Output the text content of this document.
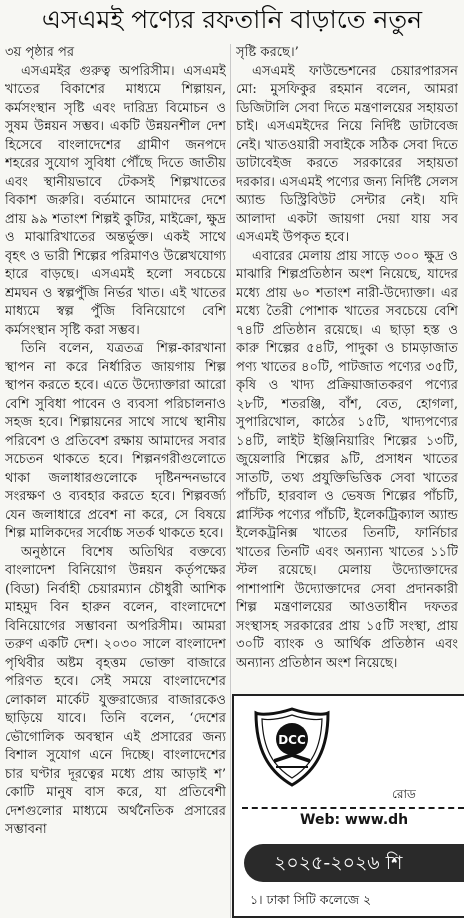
এসএমই পণ্যের রফতানি বাড়াতে নতুন

৩য় পৃষ্ঠার পর

এসএমইর গুরুত্ব অপরিসীম। এসএমই খাতের বিকাশের মাধ্যমে শিল্পায়ন, কর্মসংস্থান সৃষ্টি এবং দারিদ্র্য বিমোচন ও সুষম উন্নয়ন সম্ভব। একটি উন্নয়নশীল দেশ হিসেবে বাংলাদেশের গ্রামীণ জনপদে শহরের সুযোগ সুবিধা পৌঁছে দিতে জাতীয় এবং স্থানীয়ভাবে টেকসই শিল্পখাতের বিকাশ জরুরি। বর্তমানে আমাদের দেশে প্রায় ৯৯ শতাংশ শিল্পই কুটির, মাইক্রো, ক্ষুদ্র ও মাঝারিখাতের অন্তর্ভুক্ত। একই সাথে বৃহৎ ও ভারী শিল্পের পরিমাণও উল্লেখযোগ্য হারে বাড়ছে। এসএমই হলো সবচেয়ে শ্রমঘন ও স্বল্পপুঁজি নির্ভর খাত। এই খাতের মাধ্যমে স্বল্প পুঁজি বিনিয়োগে বেশি কর্মসংস্থান সৃষ্টি করা সম্ভব।

তিনি বলেন, যত্রতত্র শিল্প-কারখানা স্থাপন না করে নির্ধারিত জায়গায় শিল্প স্থাপন করতে হবে। এতে উদ্যোক্তারা আরো বেশি সুবিধা পাবেন ও ব্যবসা পরিচালনাও সহজ হবে। শিল্পায়নের সাথে সাথে স্থানীয় পরিবেশ ও প্রতিবেশ রক্ষায় আমাদের সবার সচেতন থাকতে হবে। শিল্পনগরীগুলোতে থাকা জলাধারগুলোকে দৃষ্টিনন্দনভাবে সংরক্ষণ ও ব্যবহার করতে হবে। শিল্পবর্জ্য যেন জলাধারে প্রবেশ না করে, সে বিষয়ে শিল্প মালিকদের সর্বোচ্চ সতর্ক থাকতে হবে।

অনুষ্ঠানে বিশেষ অতিথির বক্তব্যে বাংলাদেশ বিনিয়োগ উন্নয়ন কর্তৃপক্ষের (বিডা) নির্বাহী চেয়ারম্যান চৌধুরী আশিক মাহমুদ বিন হারুন বলেন, বাংলাদেশে বিনিয়োগের সম্ভাবনা অপরিসীম। আমরা তরুণ একটি দেশ। ২০৩০ সালে বাংলাদেশ পৃথিবীর অষ্টম বৃহত্তম ভোক্তা বাজারে পরিণত হবে। সেই সময়ে বাংলাদেশের লোকাল মার্কেট যুক্তরাজ্যের বাজারকেও ছাড়িয়ে যাবে। তিনি বলেন, ‘দেশের ভৌগোলিক অবস্থান এই প্রসারের জন্য বিশাল সুযোগ এনে দিচ্ছে। বাংলাদেশের চার ঘণ্টার দূরত্বের মধ্যে প্রায় আড়াই শ’ কোটি মানুষ বাস করে, যা প্রতিবেশী দেশগুলোর মাধ্যমে অর্থনৈতিক প্রসারের সম্ভাবনা

সৃষ্টি করছে।’

এসএমই ফাউন্ডেশনের চেয়ারপারসন মো: মুসফিকুর রহমান বলেন, আমরা ডিজিটালি সেবা দিতে মন্ত্রণালয়ের সহায়তা চাই। এসএমইদের নিয়ে নির্দিষ্ট ডাটাবেজ নেই। খাতওয়ারী সবাইকে সঠিক সেবা দিতে ডাটাবেইজ করতে সরকারের সহায়তা দরকার। এসএমই পণ্যের জন্য নির্দিষ্ট সেলস অ্যান্ড ডিস্ট্রিবিউট সেন্টার নেই। যদি আলাদা একটা জায়গা দেয়া যায় সব এসএমই উপকৃত হবে।

এবারের মেলায় প্রায় সাড়ে ৩০০ ক্ষুদ্র ও মাঝারি শিল্পপ্রতিষ্ঠান অংশ নিয়েছে, যাদের মধ্যে প্রায় ৬০ শতাংশ নারী-উদ্যোক্তা। এর মধ্যে তৈরী পোশাক খাতের সবচেয়ে বেশি ৭৪টি প্রতিষ্ঠান রয়েছে। এ ছাড়া হস্ত ও কারু শিল্পের ৫৪টি, পাদুকা ও চামড়াজাত পণ্য খাতের ৪০টি, পাটজাত পণ্যের ৩৫টি, কৃষি ও খাদ্য প্রক্রিয়াজাতকরণ পণ্যের ২৮টি, শতরঞ্জি, বাঁশ, বেত, হোগলা, সুপারিখোল, কাঠের ১৫টি, খাদ্যপণ্যের ১৪টি, লাইট ইঞ্জিনিয়ারিং শিল্পের ১৩টি, জুয়েলারি শিল্পের ৯টি, প্রসাধন খাতের সাতটি, তথ্য প্রযুক্তিভিত্তিক সেবা খাতের পাঁচটি, হারবাল ও ভেষজ শিল্পের পাঁচটি, প্লাস্টিক পণ্যের পাঁচটি, ইলেকট্রিক্যাল অ্যান্ড ইলেকট্রনিক্স খাতের তিনটি, ফার্নিচার খাতের তিনটি এবং অন্যান্য খাতের ১১টি স্টল রয়েছে। মেলায় উদ্যোক্তাদের পাশাপাশি উদ্যোক্তাদের সেবা প্রদানকারী শিল্প মন্ত্রণালয়ের আওতাধীন দফতর সংস্থাসহ সরকারের প্রায় ১৫টি সংস্থা, প্রায় ৩০টি ব্যাংক ও আর্থিক প্রতিষ্ঠান এবং অন্যান্য প্রতিষ্ঠান অংশ নিয়েছে।

DCC
রোড
Web: www.dh
২০২৫-২০২৬ শি
১। ঢাকা সিটি কলেজে ২
